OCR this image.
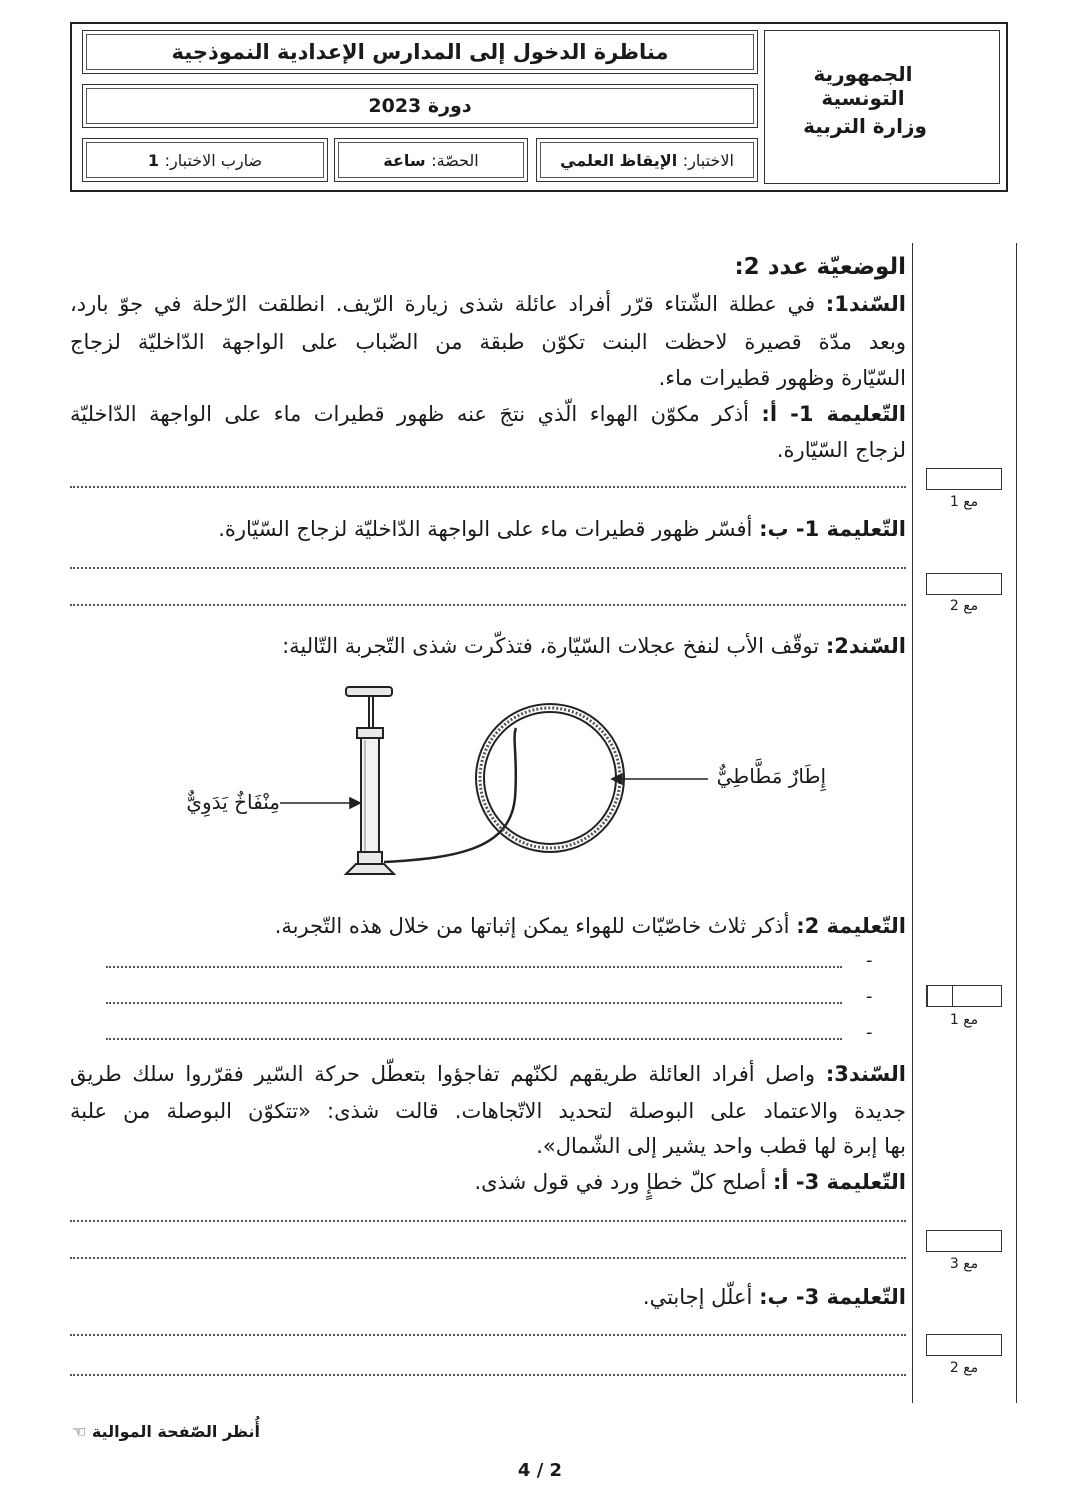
مناظرة الدخول إلى المدارس الإعدادية النموذجية
دورة 2023
الاختبار: الإيقاظ العلمي
الحصّة: ساعة
ضارب الاختبار: 1
الجمهورية التونسية
وزارة التربية
الوضعيّة عدد 2:
السّند1: في عطلة الشّتاء قرّر أفراد عائلة شذى زيارة الرّيف. انطلقت الرّحلة في جوّ بارد،
وبعد مدّة قصيرة لاحظت البنت تكوّن طبقة من الضّباب على الواجهة الدّاخليّة لزجاج
السّيّارة وظهور قطيرات ماء.
التّعليمة 1- أ: أذكر مكوّن الهواء الّذي نتجَ عنه ظهور قطيرات ماء على الواجهة الدّاخليّة
لزجاج السّيّارة.
مع 1
التّعليمة 1- ب: أفسّر ظهور قطيرات ماء على الواجهة الدّاخليّة لزجاج السّيّارة.
مع 2
السّند2: توقّف الأب لنفخ عجلات السّيّارة، فتذكّرت شذى التّجربة التّالية:
إِطَارٌ مَطَّاطِيٌّ
مِنْفَاخٌ يَدَوِيٌّ
التّعليمة 2: أذكر ثلاث خاصّيّات للهواء يمكن إثباتها من خلال هذه التّجربة.
-
-
-
مع 1
السّند3: واصل أفراد العائلة طريقهم لكنّهم تفاجؤوا بتعطّل حركة السّير فقرّروا سلك طريق
جديدة والاعتماد على البوصلة لتحديد الاتّجاهات. قالت شذى: «تتكوّن البوصلة من علبة
بها إبرة لها قطب واحد يشير إلى الشّمال».
التّعليمة 3- أ: أصلح كلّ خطإٍ ورد في قول شذى.
مع 3
التّعليمة 3- ب: أعلّل إجابتي.
مع 2
أُنظر الصّفحة الموالية ☜
4 / 2
